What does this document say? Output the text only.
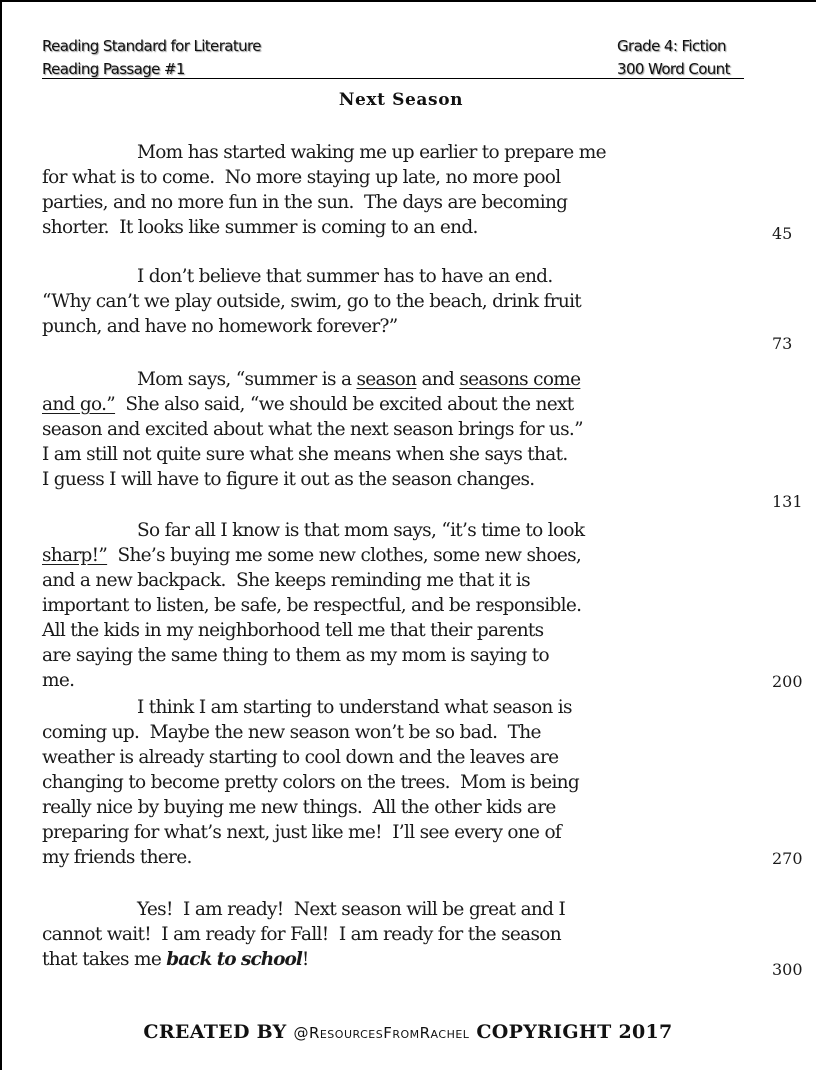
Reading Standard for Literature
Reading Passage #1
Grade 4: Fiction
300 Word Count
Next Season
Mom has started waking me up earlier to prepare me
for what is to come.  No more staying up late, no more pool
parties, and no more fun in the sun.  The days are becoming
shorter.  It looks like summer is coming to an end.	45
I don’t believe that summer has to have an end.
“Why can’t we play outside, swim, go to the beach, drink fruit
punch, and have no homework forever?”
73
Mom says, “summer is a season and seasons come
and go.”  She also said, “we should be excited about the next
season and excited about what the next season brings for us.”
I am still not quite sure what she means when she says that.
I guess I will have to figure it out as the season changes.
131
So far all I know is that mom says, “it’s time to look
sharp!”  She’s buying me some new clothes, some new shoes,
and a new backpack.  She keeps reminding me that it is
important to listen, be safe, be respectful, and be responsible.
All the kids in my neighborhood tell me that their parents
are saying the same thing to them as my mom is saying to
me.	200
I think I am starting to understand what season is
coming up.  Maybe the new season won’t be so bad.  The
weather is already starting to cool down and the leaves are
changing to become pretty colors on the trees.  Mom is being
really nice by buying me new things.  All the other kids are
preparing for what’s next, just like me!  I’ll see every one of
my friends there.	270
Yes!  I am ready!  Next season will be great and I
cannot wait!  I am ready for Fall!  I am ready for the season
that takes me back to school!	300
CREATED BY @ResourcesFromRachel COPYRIGHT 2017
